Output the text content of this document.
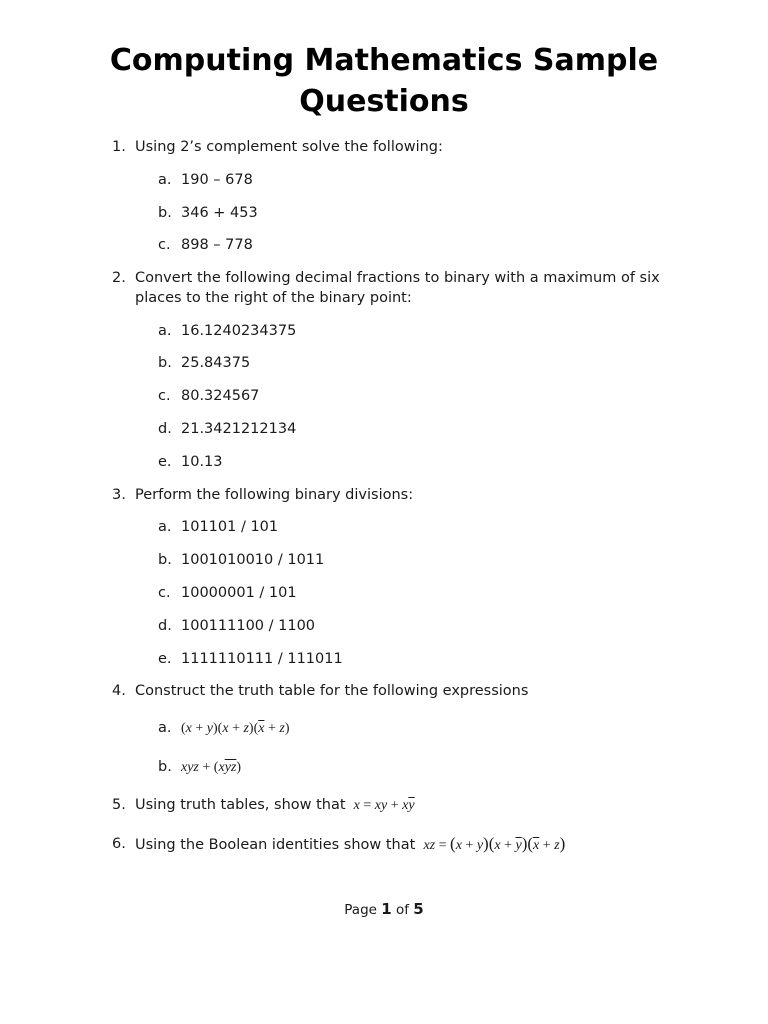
Computing Mathematics Sample Questions
1. Using 2’s complement solve the following:
a. 190 – 678
b. 346 + 453
c. 898 – 778
2. Convert the following decimal fractions to binary with a maximum of six places to the right of the binary point:
a. 16.1240234375
b. 25.84375
c. 80.324567
d. 21.3421212134
e. 10.13
3. Perform the following binary divisions:
a. 101101 / 101
b. 1001010010 / 1011
c. 10000001 / 101
d. 100111100 / 1100
e. 1111110111 / 111011
4. Construct the truth table for the following expressions
a. $(x + y)(x + z)(\overline{x} + z)$
b. xyz + $(x\overline{yz})$
5. Using truth tables, show that  x = xy + $x\overline{y}$
6. Using the Boolean identities show that  xz = $(x + y)(x + \overline{y})(\overline{x} + z)$
Page 1 of 5
